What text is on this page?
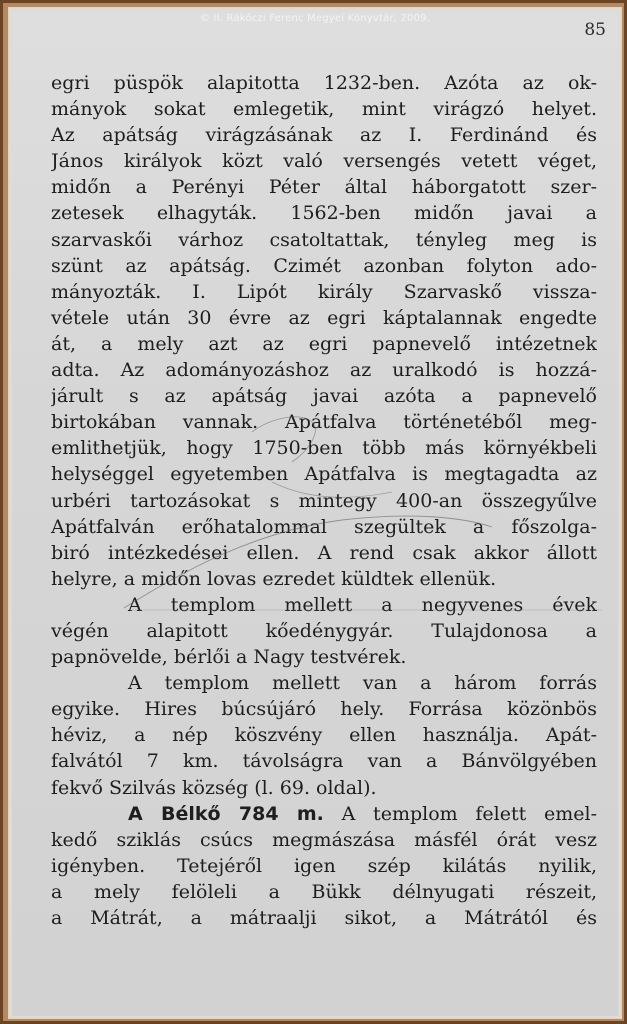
© II. Rákóczi Ferenc Megyei Könyvtár, 2009.
85
egri püspök alapitotta 1232-ben. Azóta az ok-
mányok sokat emlegetik, mint virágzó helyet.
Az apátság virágzásának az I. Ferdinánd és
János királyok közt való versengés vetett véget,
midőn a Perényi Péter által háborgatott szer-
zetesek elhagyták. 1562-ben midőn javai a
szarvaskői várhoz csatoltattak, tényleg meg is
szünt az apátság. Czimét azonban folyton ado-
mányozták. I. Lipót király Szarvaskő vissza-
vétele után 30 évre az egri káptalannak engedte
át, a mely azt az egri papnevelő intézetnek
adta. Az adományozáshoz az uralkodó is hozzá-
járult s az apátság javai azóta a papnevelő
birtokában vannak. Apátfalva történetéből meg-
emlithetjük, hogy 1750-ben több más környékbeli
helységgel egyetemben Apátfalva is megtagadta az
urbéri tartozásokat s mintegy 400-an összegyűlve
Apátfalván erőhatalommal szegültek a főszolga-
biró intézkedései ellen. A rend csak akkor állott
helyre, a midőn lovas ezredet küldtek ellenük.
A templom mellett a negyvenes évek
végén alapitott kőedénygyár. Tulajdonosa a
papnövelde, bérlői a Nagy testvérek.
A templom mellett van a három forrás
egyike. Hires búcsújáró hely. Forrása közönbös
héviz, a nép köszvény ellen használja. Apát-
falvától 7 km. távolságra van a Bánvölgyében
fekvő Szilvás község (l. 69. oldal).
A Bélkő 784 m. A templom felett emel-
kedő sziklás csúcs megmászása másfél órát vesz
igényben. Tetejéről igen szép kilátás nyilik,
a mely felöleli a Bükk délnyugati részeit,
a Mátrát, a mátraalji sikot, a Mátrától és
